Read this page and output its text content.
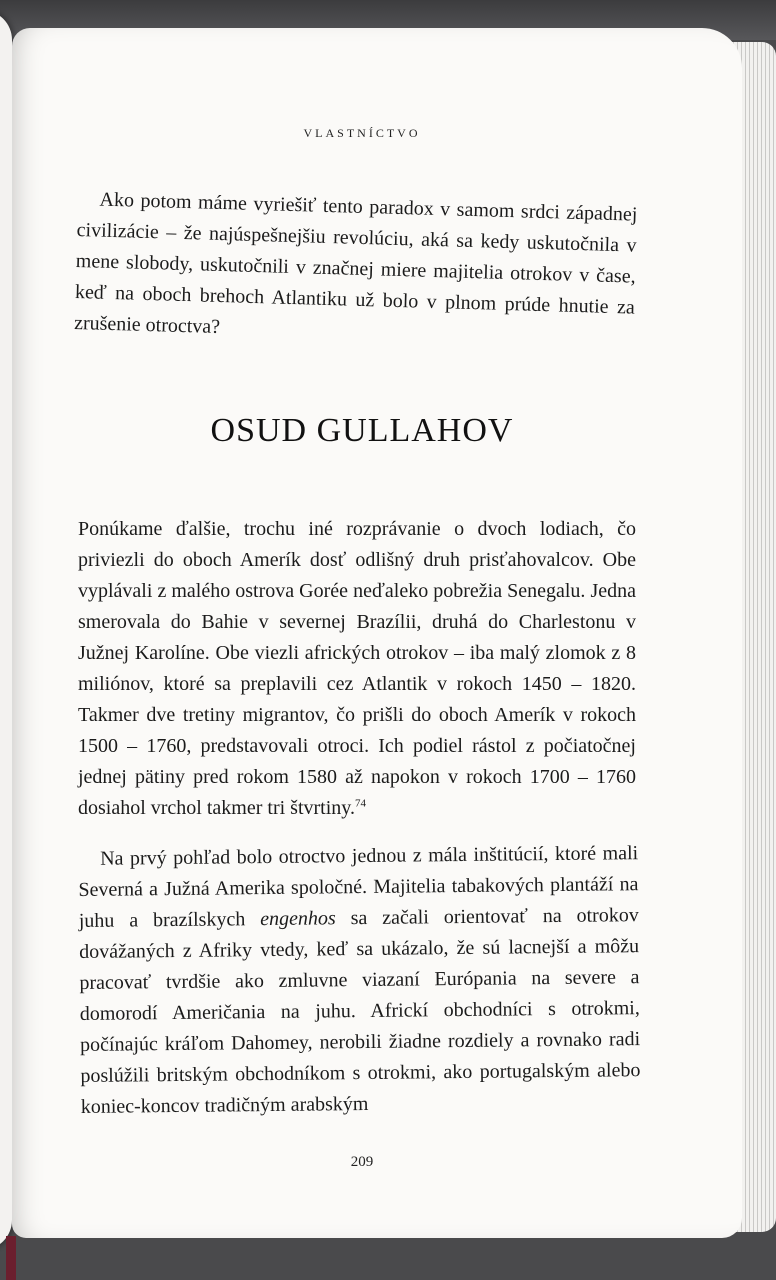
VLASTNÍCTVO

Ako potom máme vyriešiť tento paradox v samom srdci západnej civilizácie – že najúspešnejšiu revolúciu, aká sa kedy uskutočnila v mene slobody, uskutočnili v značnej miere majitelia otrokov v čase, keď na oboch brehoch Atlantiku už bolo v plnom prúde hnutie za zrušenie otroctva?

OSUD GULLAHOV

Ponúkame ďalšie, trochu iné rozprávanie o dvoch lodiach, čo priviezli do oboch Amerík dosť odlišný druh prisťahovalcov. Obe vyplávali z malého ostrova Gorée neďaleko pobrežia Senegalu. Jedna smerovala do Bahie v severnej Brazílii, druhá do Charlestonu v Južnej Karolíne. Obe viezli afrických otrokov – iba malý zlomok z 8 miliónov, ktoré sa preplavili cez Atlantik v rokoch 1450 – 1820. Takmer dve tretiny migrantov, čo prišli do oboch Amerík v rokoch 1500 – 1760, predstavovali otroci. Ich podiel rástol z počiatočnej jednej pätiny pred rokom 1580 až napokon v rokoch 1700 – 1760 dosiahol vrchol takmer tri štvrtiny.$^{74}$

Na prvý pohľad bolo otroctvo jednou z mála inštitúcií, ktoré mali Severná a Južná Amerika spoločné. Majitelia tabakových plantáží na juhu a brazílskych engenhos sa začali orientovať na otrokov dovážaných z Afriky vtedy, keď sa ukázalo, že sú lacnejší a môžu pracovať tvrdšie ako zmluvne viazaní Európania na severe a domorodí Američania na juhu. Africkí obchodníci s otrokmi, počínajúc kráľom Dahomey, nerobili žiadne rozdiely a rovnako radi poslúžili britským obchodníkom s otrokmi, ako portugalským alebo koniec-koncov tradičným arabským

209
